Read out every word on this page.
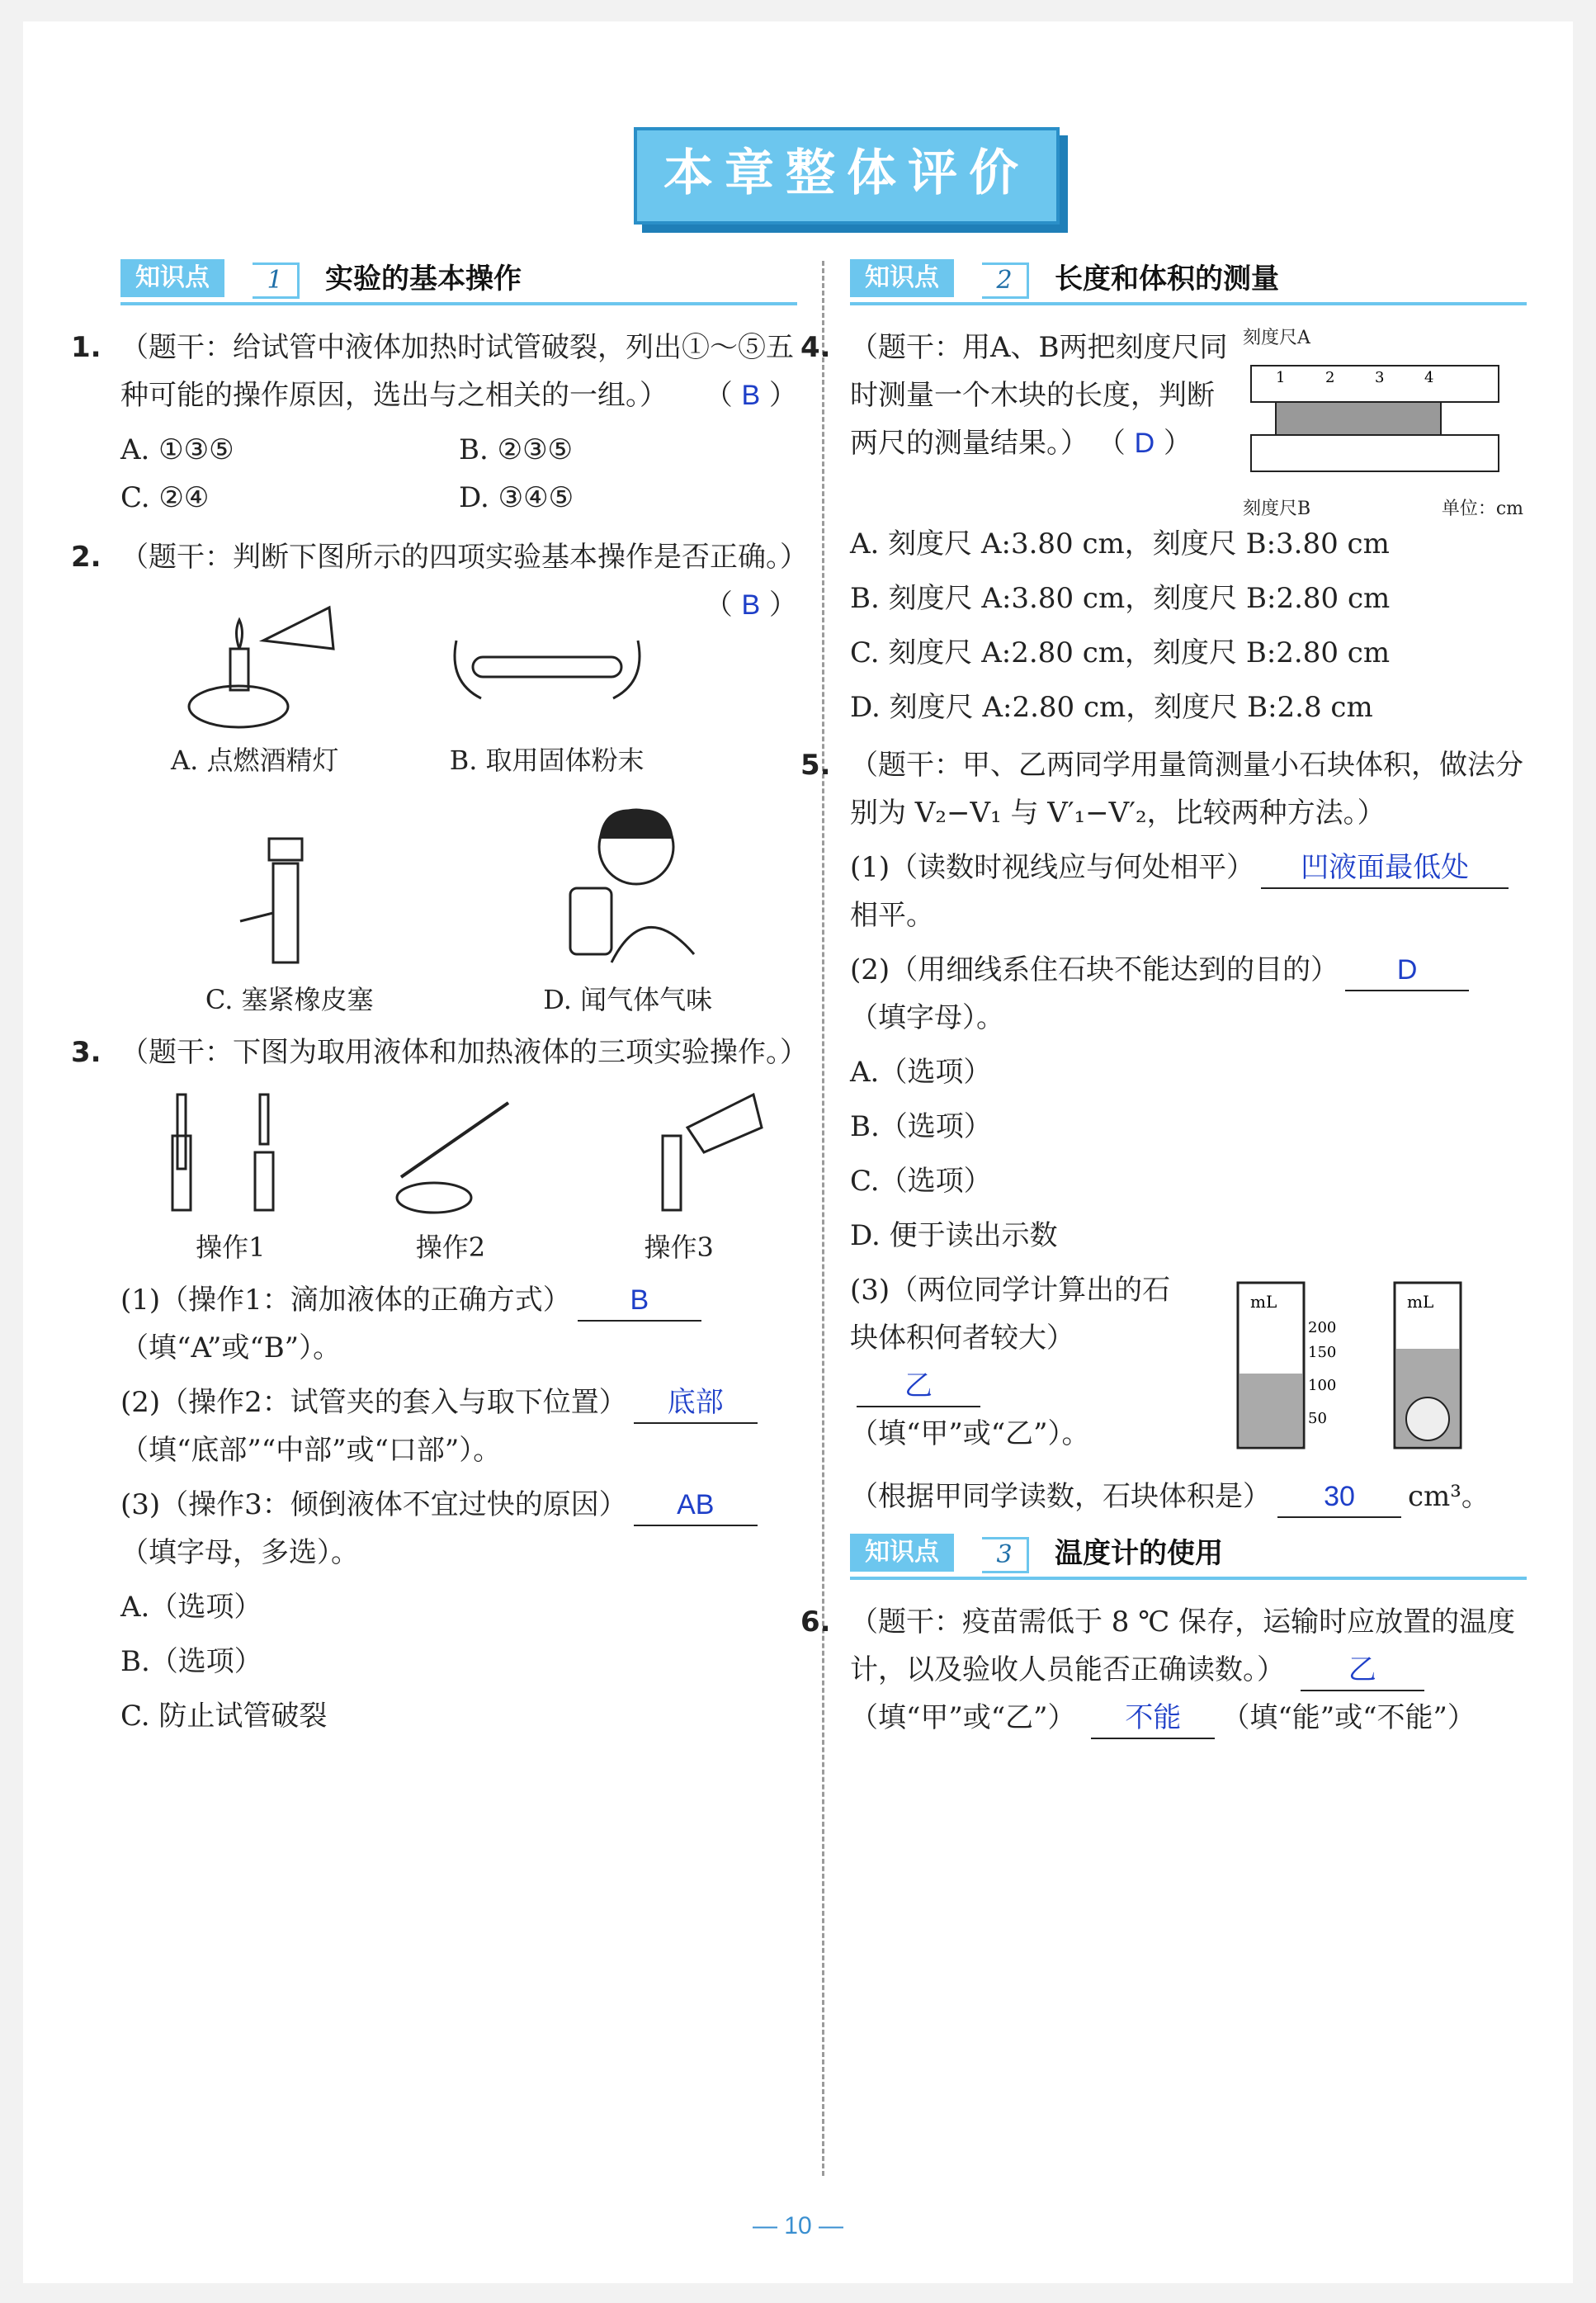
本章整体评价
知识点	1	实验的基本操作
1. （题干：给试管中液体加热时试管破裂，列出①～⑤五种可能的操作原因，选出与之相关的一组。） （ B ）
A. ①③⑤	B. ②③⑤
C. ②④	D. ③④⑤
2. （题干：判断下图所示的四项实验基本操作是否正确。）
（ B ）
A. 点燃酒精灯	B. 取用固体粉末
C. 塞紧橡皮塞	D. 闻气体气味
3. （题干：下图为取用液体和加热液体的三项实验操作。）
操作1	操作2	操作3
(1)（操作1：滴加液体的正确方式） B（填“A”或“B”）。
(2)（操作2：试管夹的套入与取下位置） 底部（填“底部”“中部”或“口部”）。
(3)（操作3：倾倒液体不宜过快的原因） AB（填字母，多选）。
A.（选项）
B.（选项）
C. 防止试管破裂
知识点	2	长度和体积的测量
4. （题干：用A、B两把刻度尺同时测量一个木块的长度，判断两尺的测量结果。） （ D ）
刻度尺A
1	2	3	4
刻度尺B	单位：cm
A. 刻度尺 A:3.80 cm，刻度尺 B:3.80 cm
B. 刻度尺 A:3.80 cm，刻度尺 B:2.80 cm
C. 刻度尺 A:2.80 cm，刻度尺 B:2.80 cm
D. 刻度尺 A:2.80 cm，刻度尺 B:2.8 cm
5. （题干：甲、乙两同学用量筒测量小石块体积，做法分别为 V₂−V₁ 与 V′₁−V′₂，比较两种方法。）
(1)（读数时视线应与何处相平） 凹液面最低处相平。
(2)（用细线系住石块不能达到的目的） D（填字母）。
A.（选项）
B.（选项）
C.（选项）
D. 便于读出示数
(3)（两位同学计算出的石块体积何者较大）乙（填“甲”或“乙”）。
mL
200
150
100
50
mL
（根据甲同学读数，石块体积是） 30 cm³。
知识点	3	温度计的使用
6. （题干：疫苗需低于 8 ℃ 保存，运输时应放置的温度计，以及验收人员能否正确读数。） 乙（填“甲”或“乙”） 不能 （填“能”或“不能”）
— 10 —
